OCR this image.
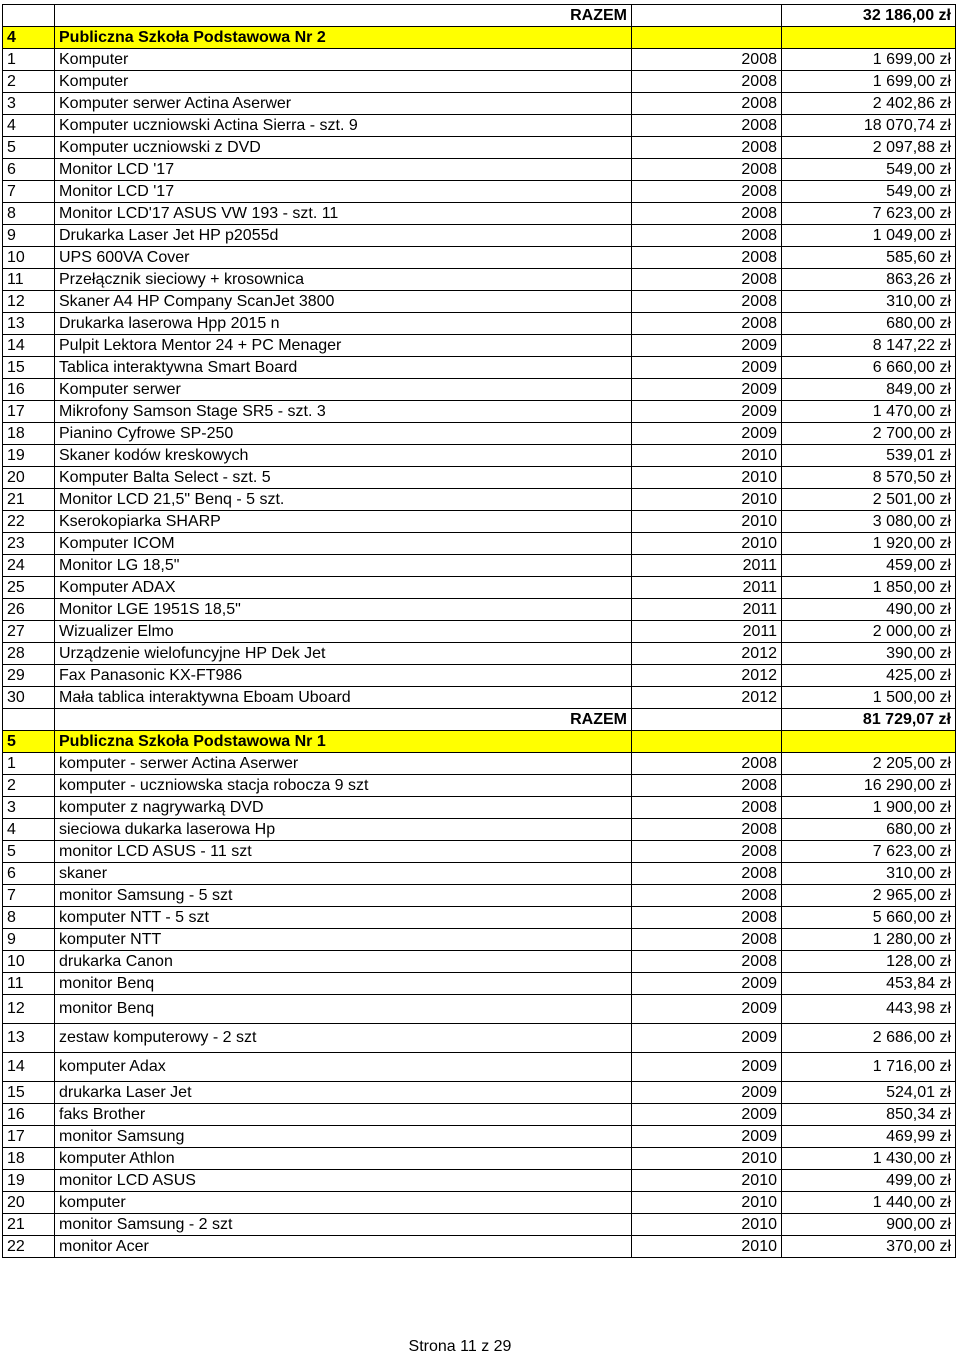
	RAZEM		32 186,00 zł
4	Publiczna Szkoła Podstawowa Nr 2		
1	Komputer	2008	1 699,00 zł
2	Komputer	2008	1 699,00 zł
3	Komputer serwer Actina Aserwer	2008	2 402,86 zł
4	Komputer uczniowski Actina Sierra - szt. 9	2008	18 070,74 zł
5	Komputer uczniowski z DVD	2008	2 097,88 zł
6	Monitor LCD '17	2008	549,00 zł
7	Monitor LCD '17	2008	549,00 zł
8	Monitor LCD'17 ASUS VW 193 - szt. 11	2008	7 623,00 zł
9	Drukarka Laser Jet HP p2055d	2008	1 049,00 zł
10	UPS 600VA Cover	2008	585,60 zł
11	Przełącznik sieciowy + krosownica	2008	863,26 zł
12	Skaner A4 HP Company ScanJet 3800	2008	310,00 zł
13	Drukarka laserowa Hpp 2015 n	2008	680,00 zł
14	Pulpit Lektora Mentor 24 + PC Menager	2009	8 147,22 zł
15	Tablica interaktywna Smart Board	2009	6 660,00 zł
16	Komputer serwer	2009	849,00 zł
17	Mikrofony Samson Stage SR5 - szt. 3	2009	1 470,00 zł
18	Pianino Cyfrowe SP-250	2009	2 700,00 zł
19	Skaner kodów kreskowych	2010	539,01 zł
20	Komputer Balta Select - szt. 5	2010	8 570,50 zł
21	Monitor LCD 21,5" Benq - 5 szt.	2010	2 501,00 zł
22	Kserokopiarka SHARP	2010	3 080,00 zł
23	Komputer ICOM	2010	1 920,00 zł
24	Monitor LG 18,5"	2011	459,00 zł
25	Komputer ADAX	2011	1 850,00 zł
26	Monitor LGE 1951S 18,5"	2011	490,00 zł
27	Wizualizer Elmo	2011	2 000,00 zł
28	Urządzenie wielofuncyjne HP Dek Jet	2012	390,00 zł
29	Fax Panasonic KX-FT986	2012	425,00 zł
30	Mała tablica interaktywna Eboam Uboard	2012	1 500,00 zł
	RAZEM		81 729,07 zł
5	Publiczna Szkoła Podstawowa Nr 1		
1	komputer - serwer Actina Aserwer	2008	2 205,00 zł
2	komputer - uczniowska stacja robocza 9 szt	2008	16 290,00 zł
3	komputer z nagrywarką DVD	2008	1 900,00 zł
4	sieciowa dukarka laserowa Hp	2008	680,00 zł
5	monitor LCD ASUS - 11 szt	2008	7 623,00 zł
6	skaner	2008	310,00 zł
7	monitor Samsung - 5 szt	2008	2 965,00 zł
8	komputer NTT - 5 szt	2008	5 660,00 zł
9	komputer NTT	2008	1 280,00 zł
10	drukarka Canon	2008	128,00 zł
11	monitor Benq	2009	453,84 zł
12	monitor Benq	2009	443,98 zł
13	zestaw komputerowy - 2 szt	2009	2 686,00 zł
14	komputer Adax	2009	1 716,00 zł
15	drukarka Laser Jet	2009	524,01 zł
16	faks Brother	2009	850,34 zł
17	monitor Samsung	2009	469,99 zł
18	komputer Athlon	2010	1 430,00 zł
19	monitor LCD ASUS	2010	499,00 zł
20	komputer	2010	1 440,00 zł
21	monitor Samsung - 2 szt	2010	900,00 zł
22	monitor Acer	2010	370,00 zł
Strona 11 z 29
